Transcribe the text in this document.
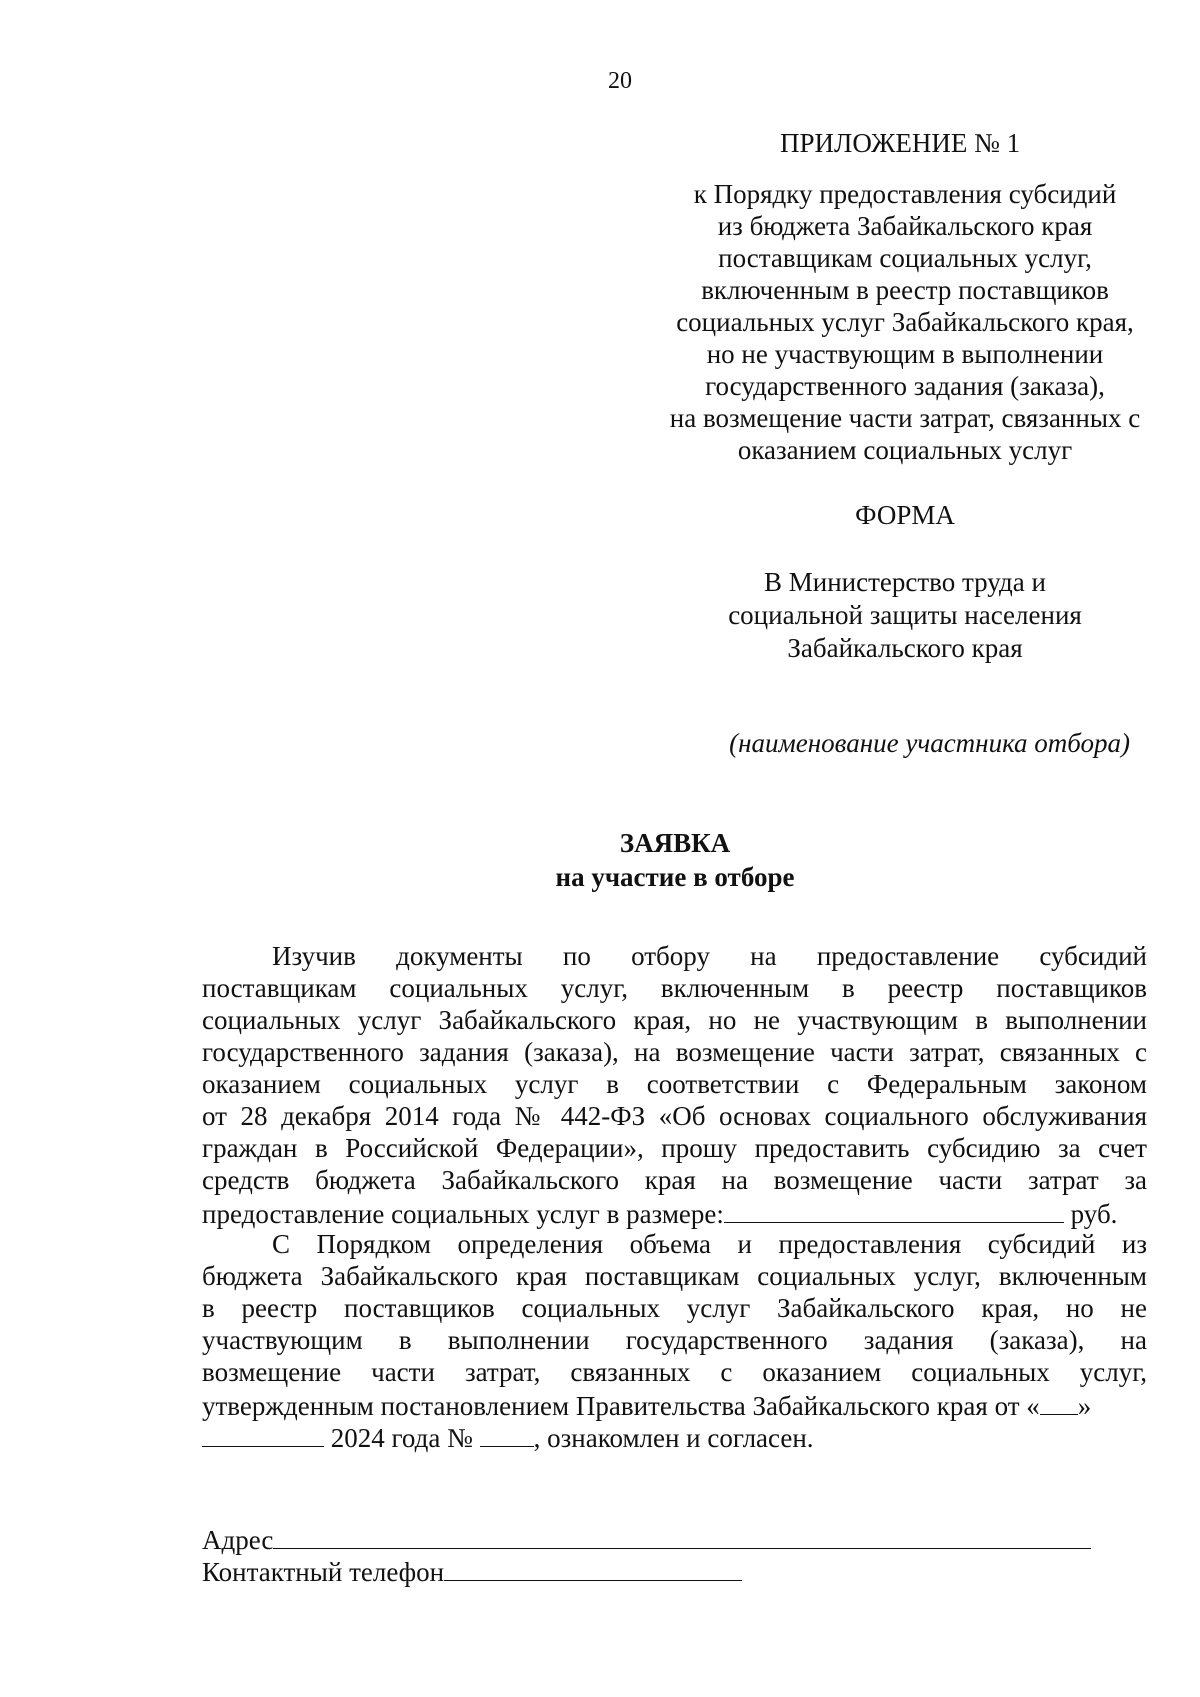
20
ПРИЛОЖЕНИЕ № 1
к Порядку предоставления субсидий
из бюджета Забайкальского края
поставщикам социальных услуг,
включенным в реестр поставщиков
социальных услуг Забайкальского края,
но не участвующим в выполнении
государственного задания (заказа),
на возмещение части затрат, связанных с
оказанием социальных услуг
ФОРМА
В Министерство труда и
социальной защиты населения
Забайкальского края
(наименование участника отбора)
ЗАЯВКА
на участие в отборе
Изучив документы по отбору на предоставление субсидий
поставщикам социальных услуг, включенным в реестр поставщиков
социальных услуг Забайкальского края, но не участвующим в выполнении
государственного задания (заказа), на возмещение части затрат, связанных с
оказанием социальных услуг в соответствии с Федеральным законом
от 28 декабря 2014 года № 442-ФЗ «Об основах социального обслуживания
граждан в Российской Федерации», прошу предоставить субсидию за счет
средств бюджета Забайкальского края на возмещение части затрат за
предоставление социальных услуг в размере:	руб.
С Порядком определения объема и предоставления субсидий из
бюджета Забайкальского края поставщикам социальных услуг, включенным
в реестр поставщиков социальных услуг Забайкальского края, но не
участвующим в выполнении государственного задания (заказа), на
возмещение части затрат, связанных с оказанием социальных услуг,
утвержденным постановлением Правительства Забайкальского края от « »
2024 года № , ознакомлен и согласен.
Адрес
Контактный телефон
